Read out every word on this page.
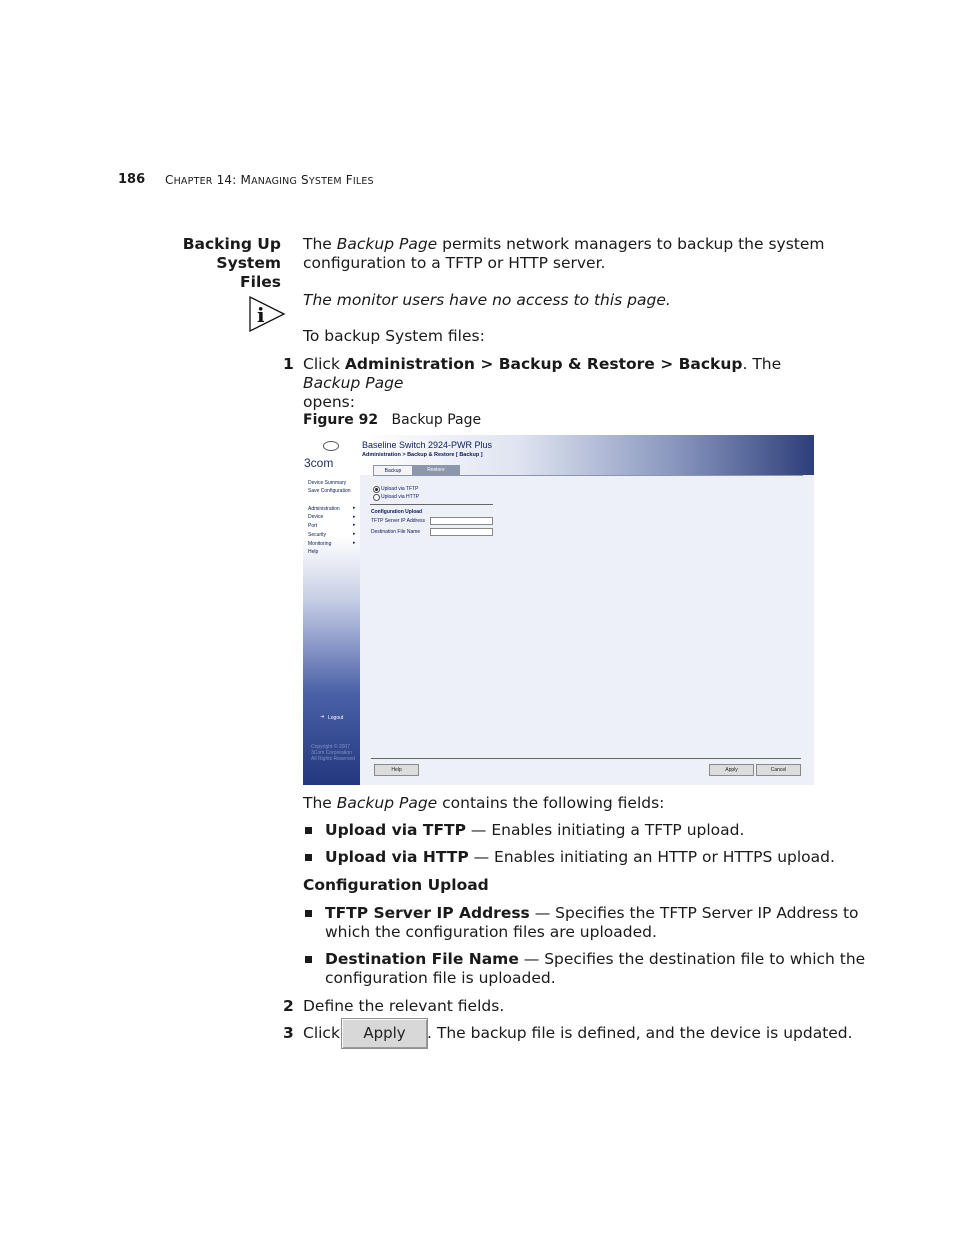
186 CHAPTER 14: MANAGING SYSTEM FILES
Backing Up System
Files
The Backup Page permits network managers to backup the system
configuration to a TFTP or HTTP server.
i
The monitor users have no access to this page.
To backup System files:
1 Click Administration > Backup & Restore > Backup. The Backup Page
opens:
Figure 92 Backup Page
3com
Baseline Switch 2924-PWR Plus
Administration > Backup & Restore [ Backup ]
Backup	Restore
Device Summary
Save Configuration
Administration
Device
Port
Security
Monitoring
Help
▸
▸
▸
▸
▸
⇥ Logout
Copyright © 2007
3Com Corporation
All Rights Reserved
Upload via TFTP
Upload via HTTP
Configuration Upload
TFTP Server IP Address
Destination File Name
Help	Apply	Cancel
The Backup Page contains the following fields:
Upload via TFTP — Enables initiating a TFTP upload.
Upload via HTTP — Enables initiating an HTTP or HTTPS upload.
Configuration Upload
TFTP Server IP Address — Specifies the TFTP Server IP Address to
which the configuration files are uploaded.
Destination File Name — Specifies the destination file to which the
configuration file is uploaded.
2 Define the relevant fields.
3 Click	Apply	. The backup file is defined, and the device is updated.
